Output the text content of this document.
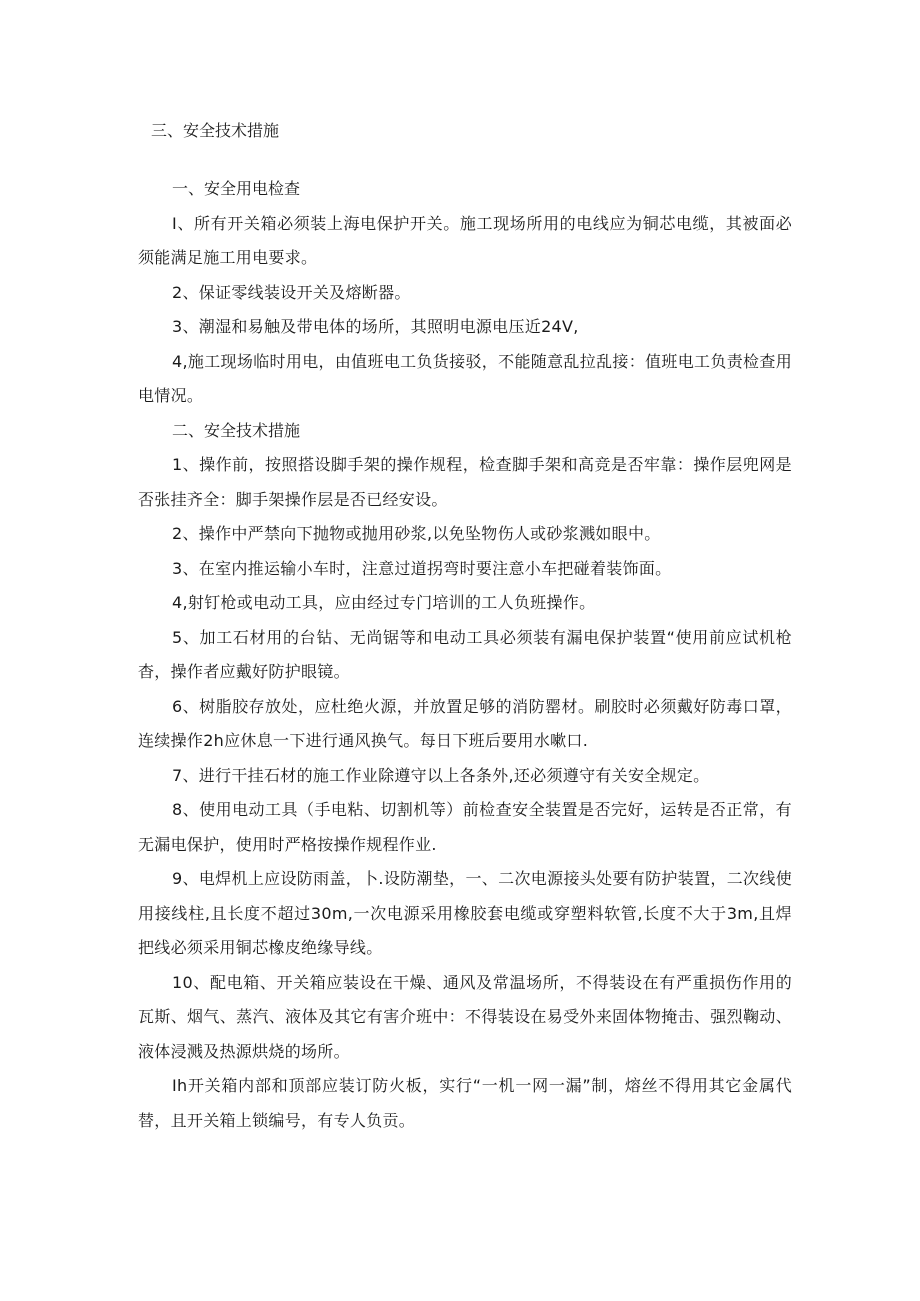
三、安全技术措施
一、安全用电检查

I、所有开关箱必须装上海电保护开关。施工现场所用的电线应为铜芯电缆，其被面必须能满足施工用电要求。

2、保证零线装设开关及熔断器。

3、潮湿和易触及带电体的场所，其照明电源电压近24V,

4,施工现场临时用电，由值班电工负货接驳，不能随意乱拉乱接：值班电工负责检查用电情况。

二、安全技术措施

1、操作前，按照搭设脚手架的操作规程，检查脚手架和高竞是否牢靠：操作层兜网是否张挂齐全：脚手架操作层是否已经安设。

2、操作中严禁向下抛物或抛用砂浆,以免坠物伤人或砂浆溅如眼中。

3、在室内推运输小车时，注意过道拐弯时要注意小车把碰着装饰面。

4,射钉枪或电动工具，应由经过专门培训的工人负班操作。

5、加工石材用的台钻、无尚锯等和电动工具必须装有漏电保护装置“使用前应试机枪杳，操作者应戴好防护眼镜。

6、树脂胶存放处，应杜绝火源，并放置足够的消防罂材。刷胶时必须戴好防毒口罩，连续操作2h应休息一下进行通风换气。每日下班后要用水嗽口.

7、进行干挂石材的施工作业除遵守以上各条外,还必须遵守有关安全规定。

8、使用电动工具（手电粘、切割机等）前检查安全装置是否完好，运转是否正常，有无漏电保护，使用时严格按操作规程作业.

9、电焊机上应设防雨盖，卜.设防潮垫，一、二次电源接头处要有防护装置，二次线使用接线柱,且长度不超过30m,一次电源采用橡胶套电缆或穿塑料软管,长度不大于3m,且焊把线必须采用铜芯橡皮绝缘导线。

10、配电箱、开关箱应装设在干燥、通风及常温场所，不得装设在有严重损伤作用的瓦斯、烟气、蒸汽、液体及其它有害介班中：不得装设在易受外来固体物掩击、强烈鞠动、液体浸溅及热源烘烧的场所。

Ih开关箱内部和顶部应装订防火板，实行“一机一网一漏”制，熔丝不得用其它金属代替，且开关箱上锁编号，有专人负贡。
